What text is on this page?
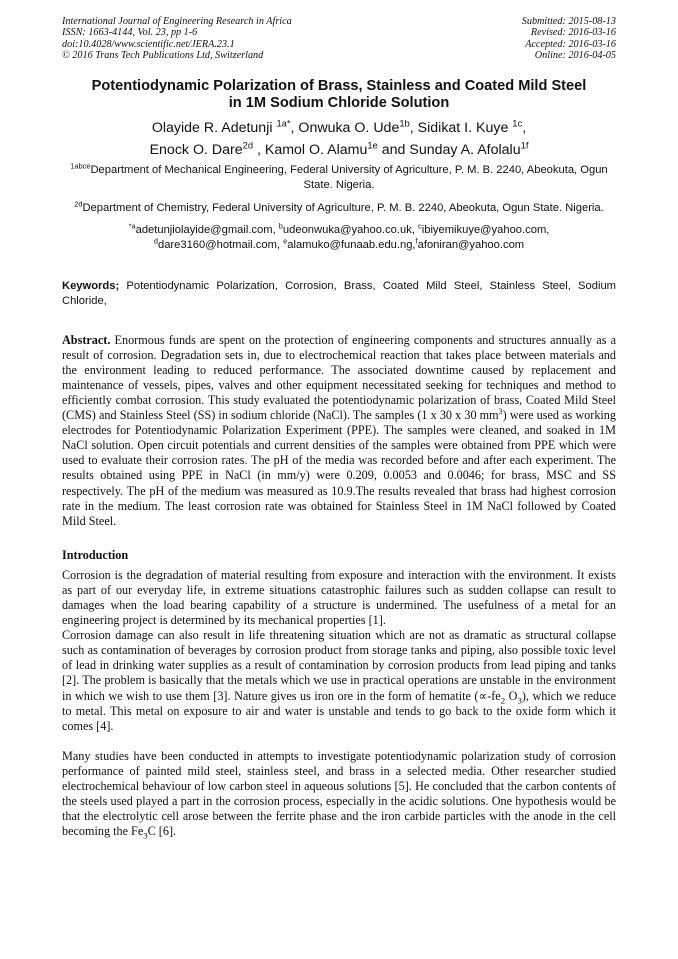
International Journal of Engineering Research in Africa
ISSN: 1663-4144, Vol. 23, pp 1-6
doi:10.4028/www.scientific.net/JERA.23.1
© 2016 Trans Tech Publications Ltd, Switzerland
Submitted: 2015-08-13
Revised: 2016-03-16
Accepted: 2016-03-16
Online: 2016-04-05
Potentiodynamic Polarization of Brass, Stainless and Coated Mild Steel
in 1M Sodium Chloride Solution
Olayide R. Adetunji $^{1a*}$, Onwuka O. Ude$^{1b}$, Sidikat I. Kuye $^{1c}$,
Enock O. Dare$^{2d}$ , Kamol O. Alamu$^{1e}$ and Sunday A. Afolalu$^{1f}$
$^{1abce}$Department of Mechanical Engineering, Federal University of Agriculture, P. M. B. 2240, Abeokuta, Ogun State. Nigeria.
$^{2d}$Department of Chemistry, Federal University of Agriculture, P. M. B. 2240, Abeokuta, Ogun State. Nigeria.
$^{*a}$adetunjiolayide@gmail.com, $^b$udeonwuka@yahoo.co.uk, $^c$ibiyemikuye@yahoo.com,
$^d$dare3160@hotmail.com, $^e$alamuko@funaab.edu.ng,$^f$afoniran@yahoo.com
Keywords; Potentiodynamic Polarization, Corrosion, Brass, Coated Mild Steel, Stainless Steel, Sodium Chloride,
Abstract. Enormous funds are spent on the protection of engineering components and structures annually as a result of corrosion. Degradation sets in, due to electrochemical reaction that takes place between materials and the environment leading to reduced performance. The associated downtime caused by replacement and maintenance of vessels, pipes, valves and other equipment necessitated seeking for techniques and method to efficiently combat corrosion. This study evaluated the potentiodynamic polarization of brass, Coated Mild Steel (CMS) and Stainless Steel (SS) in sodium chloride (NaCl). The samples (1 x 30 x 30 $mm^3$) were used as working electrodes for Potentiodynamic Polarization Experiment (PPE). The samples were cleaned, and soaked in 1M NaCl solution. Open circuit potentials and current densities of the samples were obtained from PPE which were used to evaluate their corrosion rates. The pH of the media was recorded before and after each experiment. The results obtained using PPE in NaCl (in mm/y) were 0.209, 0.0053 and 0.0046; for brass, MSC and SS respectively. The pH of the medium was measured as 10.9.The results revealed that brass had highest corrosion rate in the medium. The least corrosion rate was obtained for Stainless Steel in 1M NaCl followed by Coated Mild Steel.
Introduction

Corrosion is the degradation of material resulting from exposure and interaction with the environment. It exists as part of our everyday life, in extreme situations catastrophic failures such as sudden collapse can result to damages when the load bearing capability of a structure is undermined. The usefulness of a metal for an engineering project is determined by its mechanical properties [1].

Corrosion damage can also result in life threatening situation which are not as dramatic as structural collapse such as contamination of beverages by corrosion product from storage tanks and piping, also possible toxic level of lead in drinking water supplies as a result of contamination by corrosion products from lead piping and tanks [2]. The problem is basically that the metals which we use in practical operations are unstable in the environment in which we wish to use them [3]. Nature gives us iron ore in the form of hematite ($\propto-fe_2$ $O_3$), which we reduce to metal. This metal on exposure to air and water is unstable and tends to go back to the oxide form which it comes [4].

Many studies have been conducted in attempts to investigate potentiodynamic polarization study of corrosion performance of painted mild steel, stainless steel, and brass in a selected media. Other researcher studied electrochemical behaviour of low carbon steel in aqueous solutions [5]. He concluded that the carbon contents of the steels used played a part in the corrosion process, especially in the acidic solutions. One hypothesis would be that the electrolytic cell arose between the ferrite phase and the iron carbide particles with the anode in the cell becoming the $Fe_3C$ [6].
